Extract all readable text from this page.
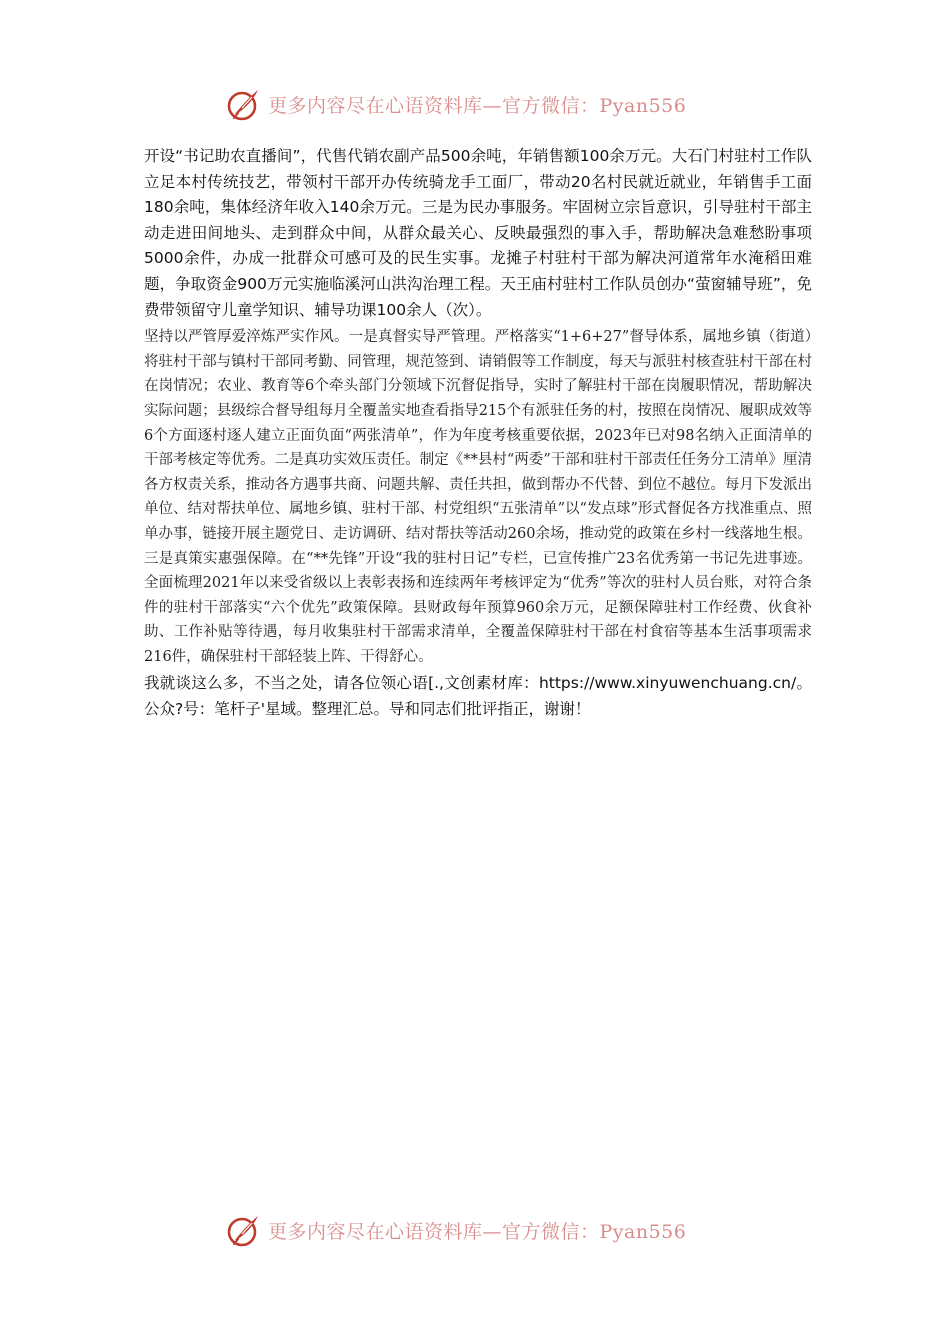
更多内容尽在心语资料库—官方微信：Pyan556

开设“书记助农直播间”，代售代销农副产品500余吨，年销售额100余万元。大石门村驻村工作队立足本村传统技艺，带领村干部开办传统骑龙手工面厂，带动20名村民就近就业，年销售手工面180余吨，集体经济年收入140余万元。三是为民办事服务。牢固树立宗旨意识，引导驻村干部主动走进田间地头、走到群众中间，从群众最关心、反映最强烈的事入手，帮助解决急难愁盼事项5000余件，办成一批群众可感可及的民生实事。龙摊子村驻村干部为解决河道常年水淹稻田难题，争取资金900万元实施临溪河山洪沟治理工程。天王庙村驻村工作队员创办“萤窗辅导班”，免费带领留守儿童学知识、辅导功课100余人（次）。

坚持以严管厚爱淬炼严实作风。一是真督实导严管理。严格落实“1+6+27”督导体系，属地乡镇（街道）将驻村干部与镇村干部同考勤、同管理，规范签到、请销假等工作制度，每天与派驻村核查驻村干部在村在岗情况；农业、教育等6个牵头部门分领域下沉督促指导，实时了解驻村干部在岗履职情况，帮助解决实际问题；县级综合督导组每月全覆盖实地查看指导215个有派驻任务的村，按照在岗情况、履职成效等6个方面逐村逐人建立正面负面“两张清单”，作为年度考核重要依据，2023年已对98名纳入正面清单的干部考核定等优秀。二是真功实效压责任。制定《**县村“两委”干部和驻村干部责任任务分工清单》厘清各方权责关系，推动各方遇事共商、问题共解、责任共担，做到帮办不代替、到位不越位。每月下发派出单位、结对帮扶单位、属地乡镇、驻村干部、村党组织“五张清单”以“发点球”形式督促各方找准重点、照单办事，链接开展主题党日、走访调研、结对帮扶等活动260余场，推动党的政策在乡村一线落地生根。三是真策实惠强保障。在“**先锋”开设“我的驻村日记”专栏，已宣传推广23名优秀第一书记先进事迹。全面梳理2021年以来受省级以上表彰表扬和连续两年考核评定为“优秀”等次的驻村人员台账，对符合条件的驻村干部落实“六个优先”政策保障。县财政每年预算960余万元，足额保障驻村工作经费、伙食补助、工作补贴等待遇，每月收集驻村干部需求清单，全覆盖保障驻村干部在村食宿等基本生活事项需求216件，确保驻村干部轻装上阵、干得舒心。

我就谈这么多，不当之处，请各位领心语[.,文创素材库：https://www.xinyuwenchuang.cn/。公众?号：笔杆子'星域。整理汇总。导和同志们批评指正，谢谢！

更多内容尽在心语资料库—官方微信：Pyan556
